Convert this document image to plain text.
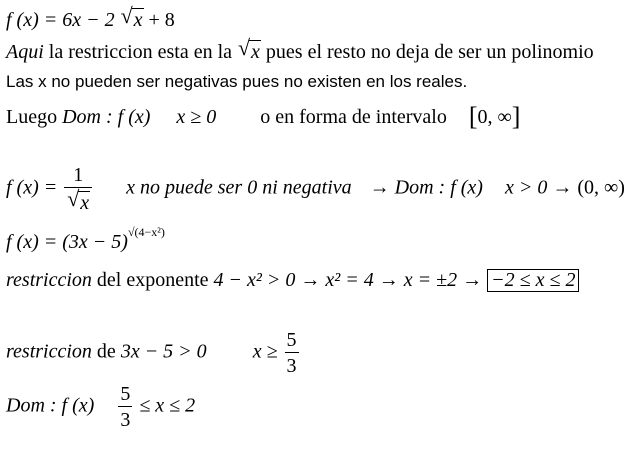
f (x) = 6x − 2 √ x + 8
Aqui la restriccion esta en la √ x pues el resto no deja de ser un polinomio
Las x no pueden ser negativas pues no existen en los reales.
Luego Dom : f (x) x ≥ 0 o en forma de intervalo [0, ∞]
f (x) = 1
√ x x no puede ser 0 ni negativa → Dom : f (x) x > 0 → (0, ∞)
f $(x) = (3x - 5)^{√(4-x^2)}$
restriccion del exponente 4 − x² > 0 → x² = 4 → x = ±2 → −2 ≤ x ≤ 2
restriccion de 3x − 5 > 0 $x \ge \frac{5}{3}$
Dom : f $(x) \frac{5}{3} \le x \le 2$
